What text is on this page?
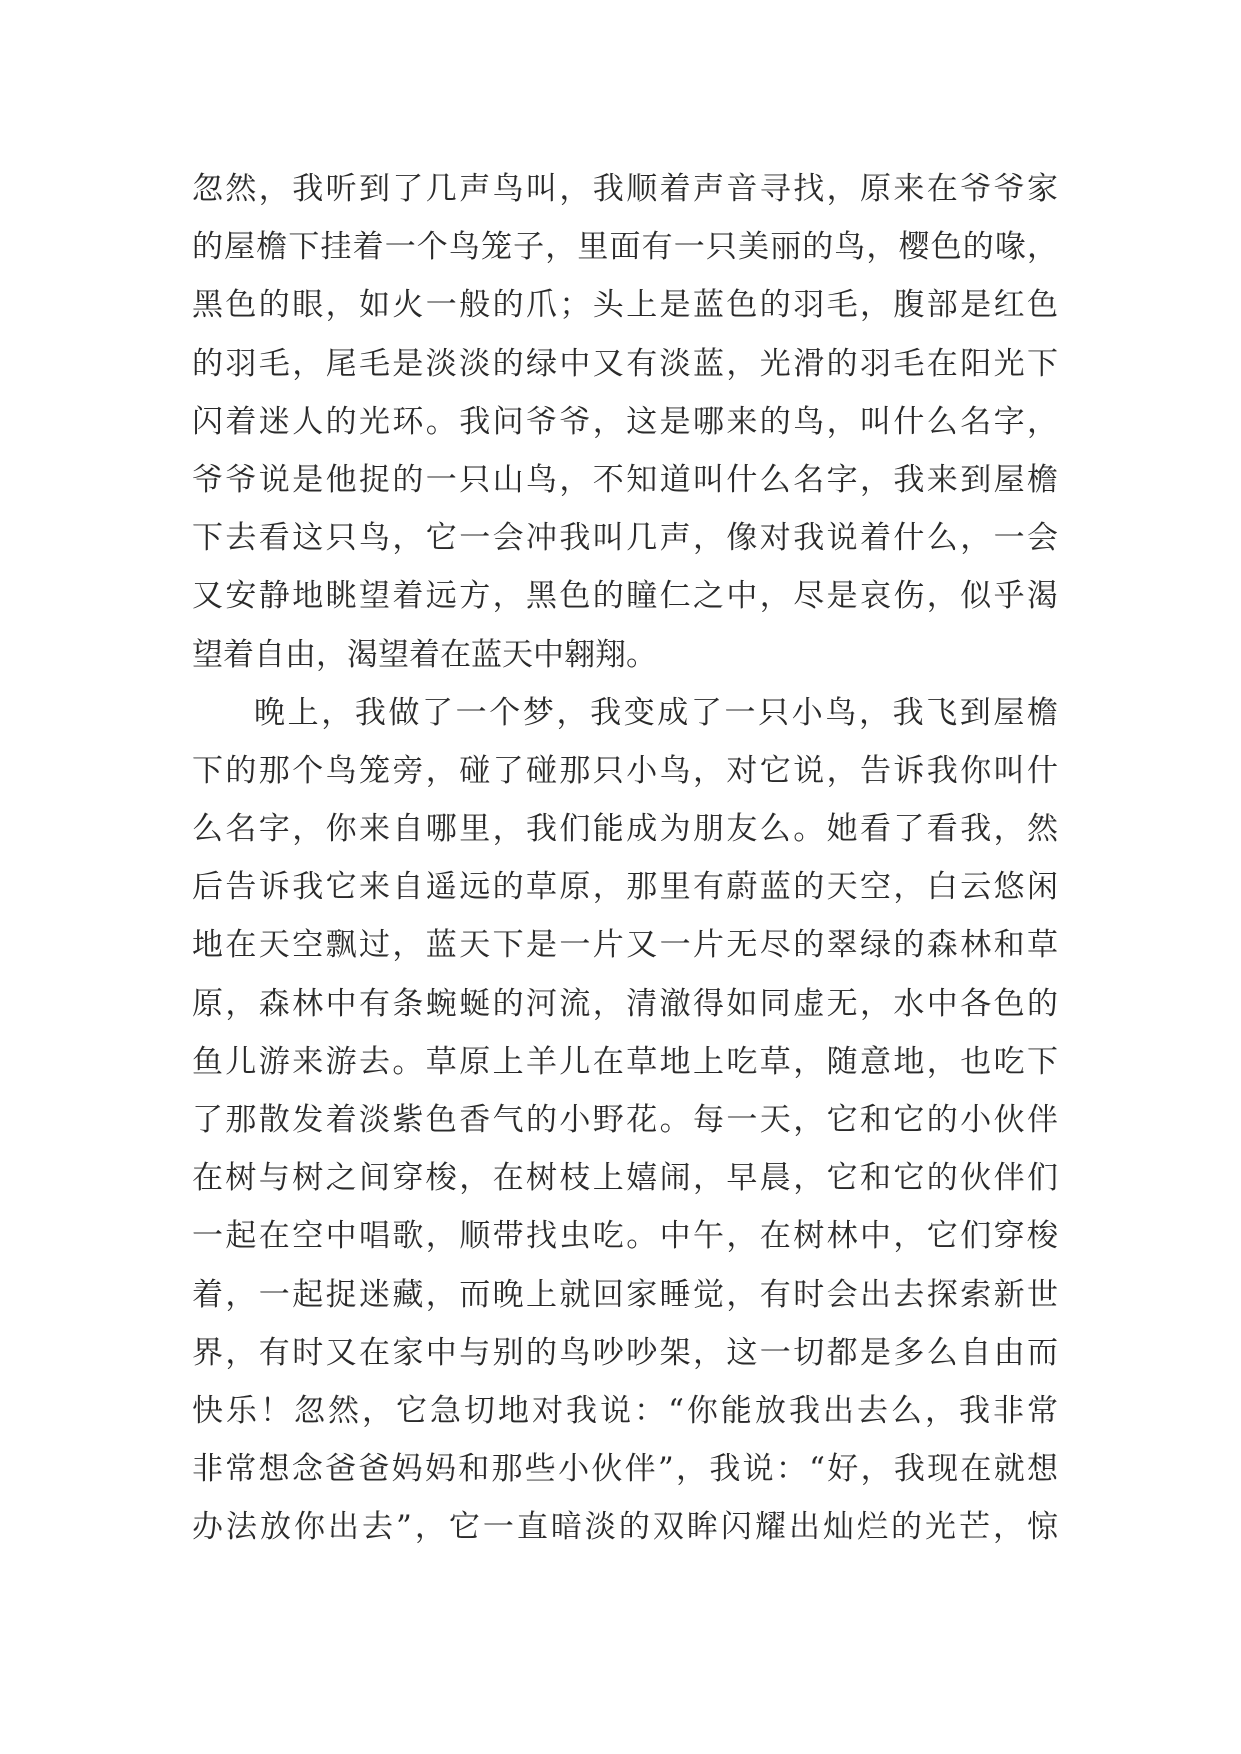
忽然，我听到了几声鸟叫，我顺着声音寻找，原来在爷爷家
的屋檐下挂着一个鸟笼子，里面有一只美丽的鸟，樱色的喙，
黑色的眼，如火一般的爪；头上是蓝色的羽毛，腹部是红色
的羽毛，尾毛是淡淡的绿中又有淡蓝，光滑的羽毛在阳光下
闪着迷人的光环。我问爷爷，这是哪来的鸟，叫什么名字，
爷爷说是他捉的一只山鸟，不知道叫什么名字，我来到屋檐
下去看这只鸟，它一会冲我叫几声，像对我说着什么，一会
又安静地眺望着远方，黑色的瞳仁之中，尽是哀伤，似乎渴
望着自由，渴望着在蓝天中翱翔。
晚上，我做了一个梦，我变成了一只小鸟，我飞到屋檐
下的那个鸟笼旁，碰了碰那只小鸟，对它说，告诉我你叫什
么名字，你来自哪里，我们能成为朋友么。她看了看我，然
后告诉我它来自遥远的草原，那里有蔚蓝的天空，白云悠闲
地在天空飘过，蓝天下是一片又一片无尽的翠绿的森林和草
原，森林中有条蜿蜒的河流，清澈得如同虚无，水中各色的
鱼儿游来游去。草原上羊儿在草地上吃草，随意地，也吃下
了那散发着淡紫色香气的小野花。每一天，它和它的小伙伴
在树与树之间穿梭，在树枝上嬉闹，早晨，它和它的伙伴们
一起在空中唱歌，顺带找虫吃。中午，在树林中，它们穿梭
着，一起捉迷藏，而晚上就回家睡觉，有时会出去探索新世
界，有时又在家中与别的鸟吵吵架，这一切都是多么自由而
快乐！忽然，它急切地对我说：“你能放我出去么，我非常
非常想念爸爸妈妈和那些小伙伴”，我说：“好，我现在就想
办法放你出去”，它一直暗淡的双眸闪耀出灿烂的光芒，惊
